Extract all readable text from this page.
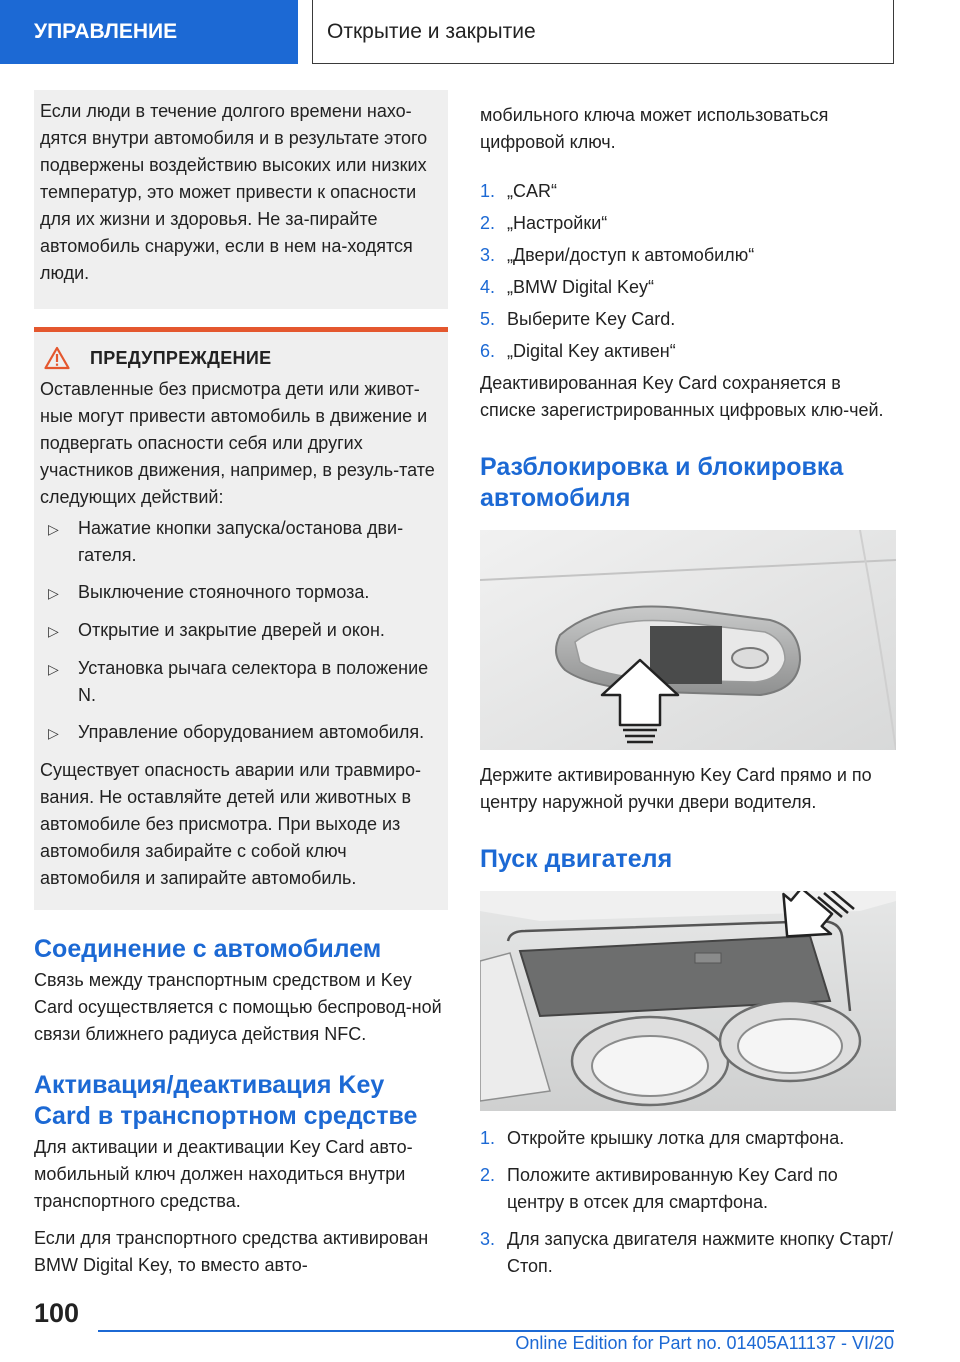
УПРАВЛЕНИЕ	Открытие и закрытие

Если люди в течение долгого времени нахо-дятся внутри автомобиля и в результате этого подвержены воздействию высоких или низких температур, это может привести к опасности для их жизни и здоровья. Не за-пирайте автомобиль снаружи, если в нем на-ходятся люди.

ПРЕДУПРЕЖДЕНИЕ

Оставленные без присмотра дети или живот-ные могут привести автомобиль в движение и подвергать опасности себя или других участников движения, например, в резуль-тате следующих действий:

▷	Нажатие кнопки запуска/останова дви-гателя.
▷	Выключение стояночного тормоза.
▷	Открытие и закрытие дверей и окон.
▷	Установка рычага селектора в положение N.
▷	Управление оборудованием автомобиля.

Существует опасность аварии или травмиро-вания. Не оставляйте детей или животных в автомобиле без присмотра. При выходе из автомобиля забирайте с собой ключ автомобиля и запирайте автомобиль.

Соединение с автомобилем

Связь между транспортным средством и Key Card осуществляется с помощью беспровод-ной связи ближнего радиуса действия NFC.

Активация/деактивация Key Card в транспортном средстве

Для активации и деактивации Key Card авто-мобильный ключ должен находиться внутри транспортного средства.

Если для транспортного средства активирован BMW Digital Key, то вместо авто-

мобильного ключа может использоваться цифровой ключ.

1. „CAR“
2. „Настройки“
3. „Двери/доступ к автомобилю“
4. „BMW Digital Key“
5. Выберите Key Card.
6. „Digital Key активен“

Деактивированная Key Card сохраняется в списке зарегистрированных цифровых клю-чей.

Разблокировка и блокировка автомобиля

Держите активированную Key Card прямо и по центру наружной ручки двери водителя.

Пуск двигателя
1. Откройте крышку лотка для смартфона.
2. Положите активированную Key Card по центру в отсек для смартфона.
3. Для запуска двигателя нажмите кнопку Старт/Стоп.
100
Online Edition for Part no. 01405A11137 - VI/20
